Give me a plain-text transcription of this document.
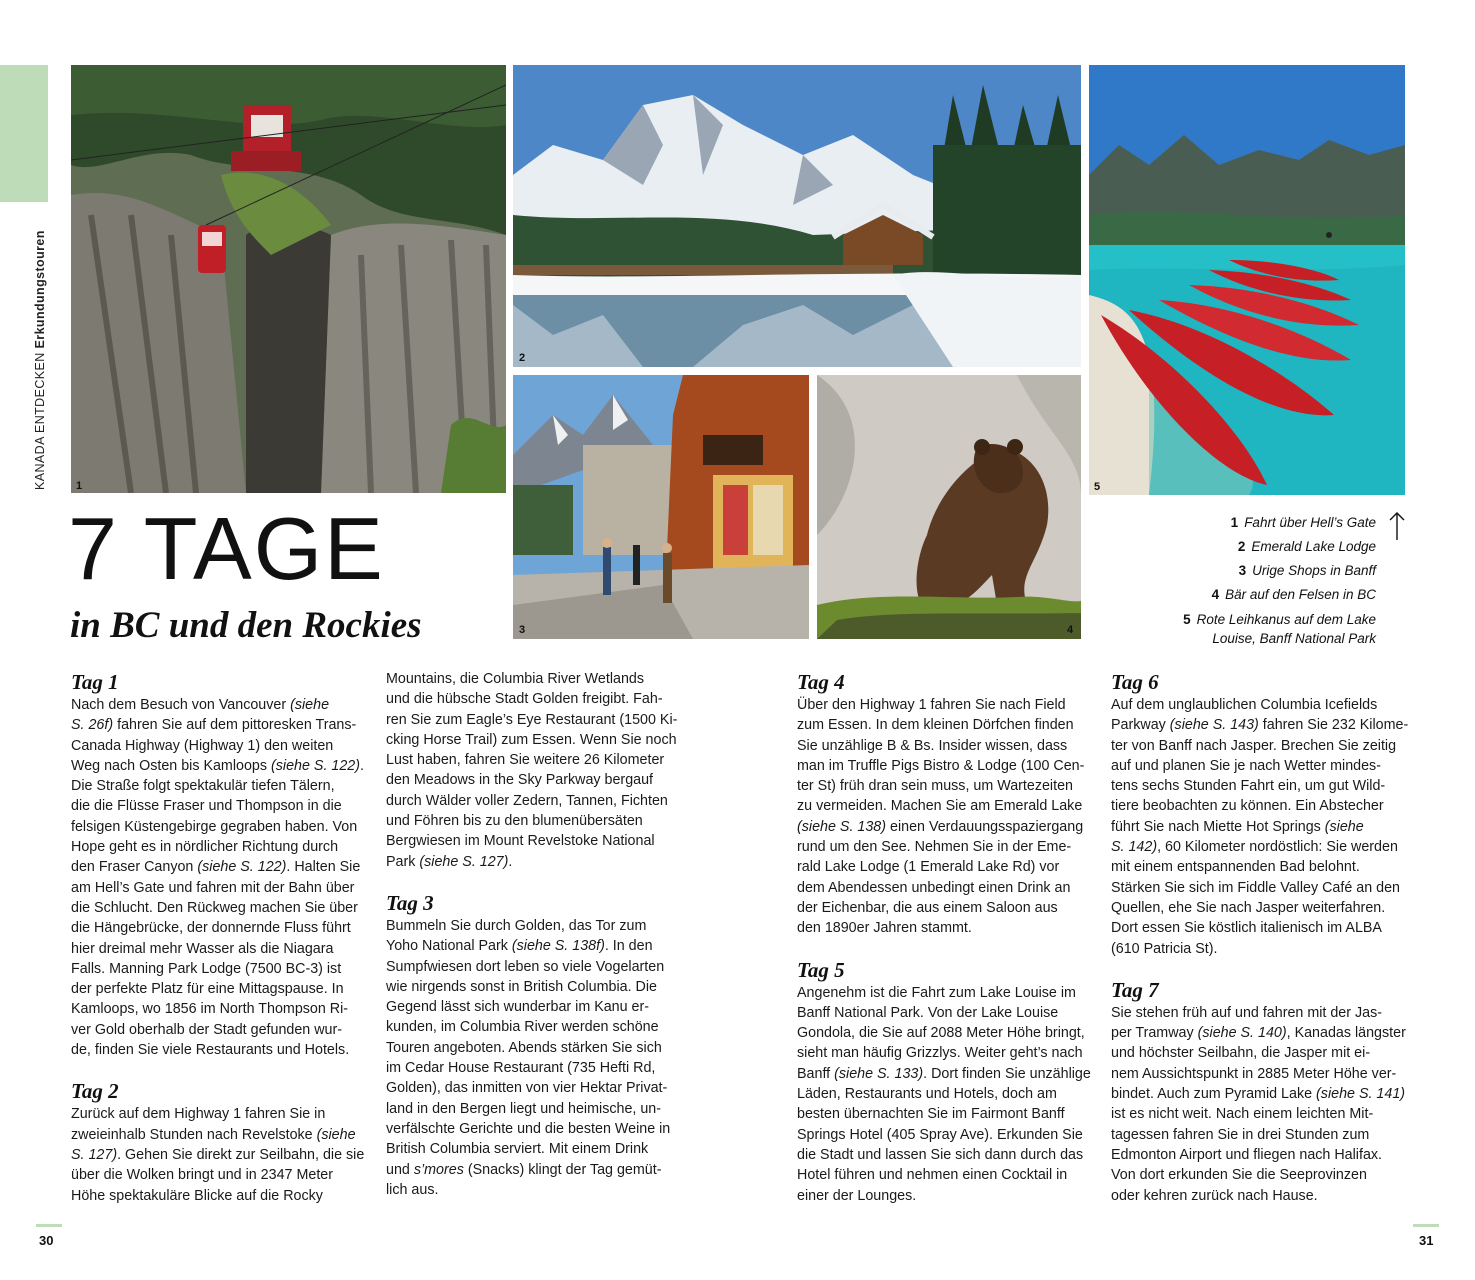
KANADA ENTDECKEN Erkundungstouren
1
2
5
3	4
7 TAGE
in BC und den Rockies
1 Fahrt über Hell’s Gate
2 Emerald Lake Lodge
3 Urige Shops in Banff
4 Bär auf den Felsen in BC
5 Rote Leihkanus auf dem Lake
Louise, Banff National Park
Tag 1

Nach dem Besuch von Vancouver (siehe

S. 26f) fahren Sie auf dem pittoresken Trans-

Canada Highway (Highway 1) den weiten

Weg nach Osten bis Kamloops (siehe S. 122).

Die Straße folgt spektakulär tiefen Tälern,

die die Flüsse Fraser und Thompson in die

felsigen Küstengebirge gegraben haben. Von

Hope geht es in nördlicher Richtung durch

den Fraser Canyon (siehe S. 122). Halten Sie

am Hell’s Gate und fahren mit der Bahn über

die Schlucht. Den Rückweg machen Sie über

die Hängebrücke, der donnernde Fluss führt

hier dreimal mehr Wasser als die Niagara

Falls. Manning Park Lodge (7500 BC-3) ist

der perfekte Platz für eine Mittagspause. In

Kamloops, wo 1856 im North Thompson Ri-

ver Gold oberhalb der Stadt gefunden wur-

de, finden Sie viele Restaurants und Hotels.

Tag 2

Zurück auf dem Highway 1 fahren Sie in

zweieinhalb Stunden nach Revelstoke (siehe

S. 127). Gehen Sie direkt zur Seilbahn, die sie

über die Wolken bringt und in 2347 Meter

Höhe spektakuläre Blicke auf die Rocky

Mountains, die Columbia River Wetlands

und die hübsche Stadt Golden freigibt. Fah-

ren Sie zum Eagle’s Eye Restaurant (1500 Ki-

cking Horse Trail) zum Essen. Wenn Sie noch

Lust haben, fahren Sie weitere 26 Kilometer

den Meadows in the Sky Parkway bergauf

durch Wälder voller Zedern, Tannen, Fichten

und Föhren bis zu den blumenübersäten

Bergwiesen im Mount Revelstoke National

Park (siehe S. 127).

Tag 3

Bummeln Sie durch Golden, das Tor zum

Yoho National Park (siehe S. 138f). In den

Sumpfwiesen dort leben so viele Vogelarten

wie nirgends sonst in British Columbia. Die

Gegend lässt sich wunderbar im Kanu er-

kunden, im Columbia River werden schöne

Touren angeboten. Abends stärken Sie sich

im Cedar House Restaurant (735 Hefti Rd,

Golden), das inmitten von vier Hektar Privat-

land in den Bergen liegt und heimische, un-

verfälschte Gerichte und die besten Weine in

British Columbia serviert. Mit einem Drink

und s’mores (Snacks) klingt der Tag gemüt-

lich aus.

Tag 4

Über den Highway 1 fahren Sie nach Field

zum Essen. In dem kleinen Dörfchen finden

Sie unzählige B & Bs. Insider wissen, dass

man im Truffle Pigs Bistro & Lodge (100 Cen-

ter St) früh dran sein muss, um Wartezeiten

zu vermeiden. Machen Sie am Emerald Lake

(siehe S. 138) einen Verdauungsspaziergang

rund um den See. Nehmen Sie in der Eme-

rald Lake Lodge (1 Emerald Lake Rd) vor

dem Abendessen unbedingt einen Drink an

der Eichenbar, die aus einem Saloon aus

den 1890er Jahren stammt.

Tag 5

Angenehm ist die Fahrt zum Lake Louise im

Banff National Park. Von der Lake Louise

Gondola, die Sie auf 2088 Meter Höhe bringt,

sieht man häufig Grizzlys. Weiter geht’s nach

Banff (siehe S. 133). Dort finden Sie unzählige

Läden, Restaurants und Hotels, doch am

besten übernachten Sie im Fairmont Banff

Springs Hotel (405 Spray Ave). Erkunden Sie

die Stadt und lassen Sie sich dann durch das

Hotel führen und nehmen einen Cocktail in

einer der Lounges.

Tag 6

Auf dem unglaublichen Columbia Icefields

Parkway (siehe S. 143) fahren Sie 232 Kilome-

ter von Banff nach Jasper. Brechen Sie zeitig

auf und planen Sie je nach Wetter mindes-

tens sechs Stunden Fahrt ein, um gut Wild-

tiere beobachten zu können. Ein Abstecher

führt Sie nach Miette Hot Springs (siehe

S. 142), 60 Kilometer nordöstlich: Sie werden

mit einem entspannenden Bad belohnt.

Stärken Sie sich im Fiddle Valley Café an den

Quellen, ehe Sie nach Jasper weiterfahren.

Dort essen Sie köstlich italienisch im ALBA

(610 Patricia St).

Tag 7

Sie stehen früh auf und fahren mit der Jas-

per Tramway (siehe S. 140), Kanadas längster

und höchster Seilbahn, die Jasper mit ei-

nem Aussichtspunkt in 2885 Meter Höhe ver-

bindet. Auch zum Pyramid Lake (siehe S. 141)

ist es nicht weit. Nach einem leichten Mit-

tagessen fahren Sie in drei Stunden zum

Edmonton Airport und fliegen nach Halifax.

Von dort erkunden Sie die Seeprovinzen

oder kehren zurück nach Hause.

30	31
